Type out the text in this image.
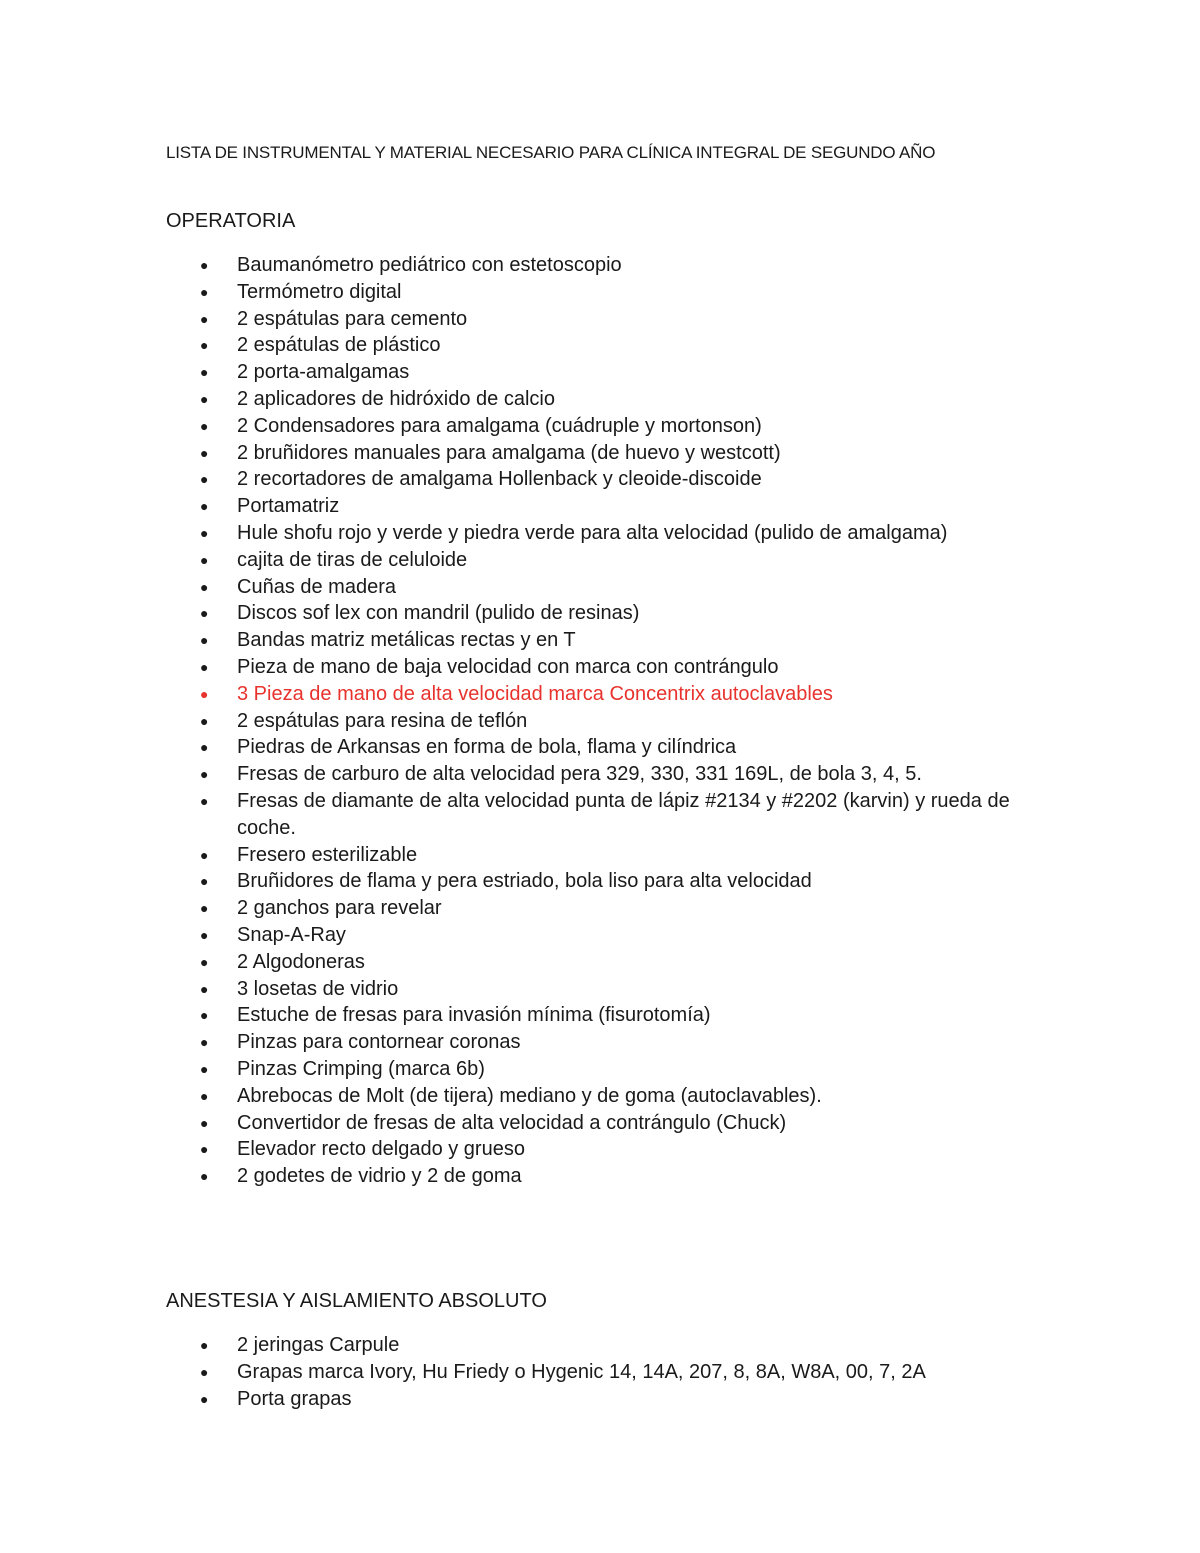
LISTA DE INSTRUMENTAL Y MATERIAL NECESARIO PARA CLÍNICA INTEGRAL DE SEGUNDO AÑO
OPERATORIA
● Baumanómetro pediátrico con estetoscopio
● Termómetro digital
● 2 espátulas para cemento
● 2 espátulas de plástico
● 2 porta-amalgamas
● 2 aplicadores de hidróxido de calcio
● 2 Condensadores para amalgama (cuádruple y mortonson)
● 2 bruñidores manuales para amalgama (de huevo y westcott)
● 2 recortadores de amalgama Hollenback y cleoide-discoide
● Portamatriz
● Hule shofu rojo y verde y piedra verde para alta velocidad (pulido de amalgama)
● cajita de tiras de celuloide
● Cuñas de madera
● Discos sof lex con mandril (pulido de resinas)
● Bandas matriz metálicas rectas y en T
● Pieza de mano de baja velocidad con marca con contrángulo
● 3 Pieza de mano de alta velocidad marca Concentrix autoclavables
● 2 espátulas para resina de teflón
● Piedras de Arkansas en forma de bola, flama y cilíndrica
● Fresas de carburo de alta velocidad pera 329, 330, 331 169L, de bola 3, 4, 5.
● Fresas de diamante de alta velocidad punta de lápiz #2134 y #2202 (karvin) y rueda de coche.
● Fresero esterilizable
● Bruñidores de flama y pera estriado, bola liso para alta velocidad
● 2 ganchos para revelar
● Snap-A-Ray
● 2 Algodoneras
● 3 losetas de vidrio
● Estuche de fresas para invasión mínima (fisurotomía)
● Pinzas para contornear coronas
● Pinzas Crimping (marca 6b)
● Abrebocas de Molt (de tijera) mediano y de goma (autoclavables).
● Convertidor de fresas de alta velocidad a contrángulo (Chuck)
● Elevador recto delgado y grueso
● 2 godetes de vidrio y 2 de goma
ANESTESIA Y AISLAMIENTO ABSOLUTO
● 2 jeringas Carpule
● Grapas marca Ivory, Hu Friedy o Hygenic 14, 14A, 207, 8, 8A, W8A, 00, 7, 2A
● Porta grapas
